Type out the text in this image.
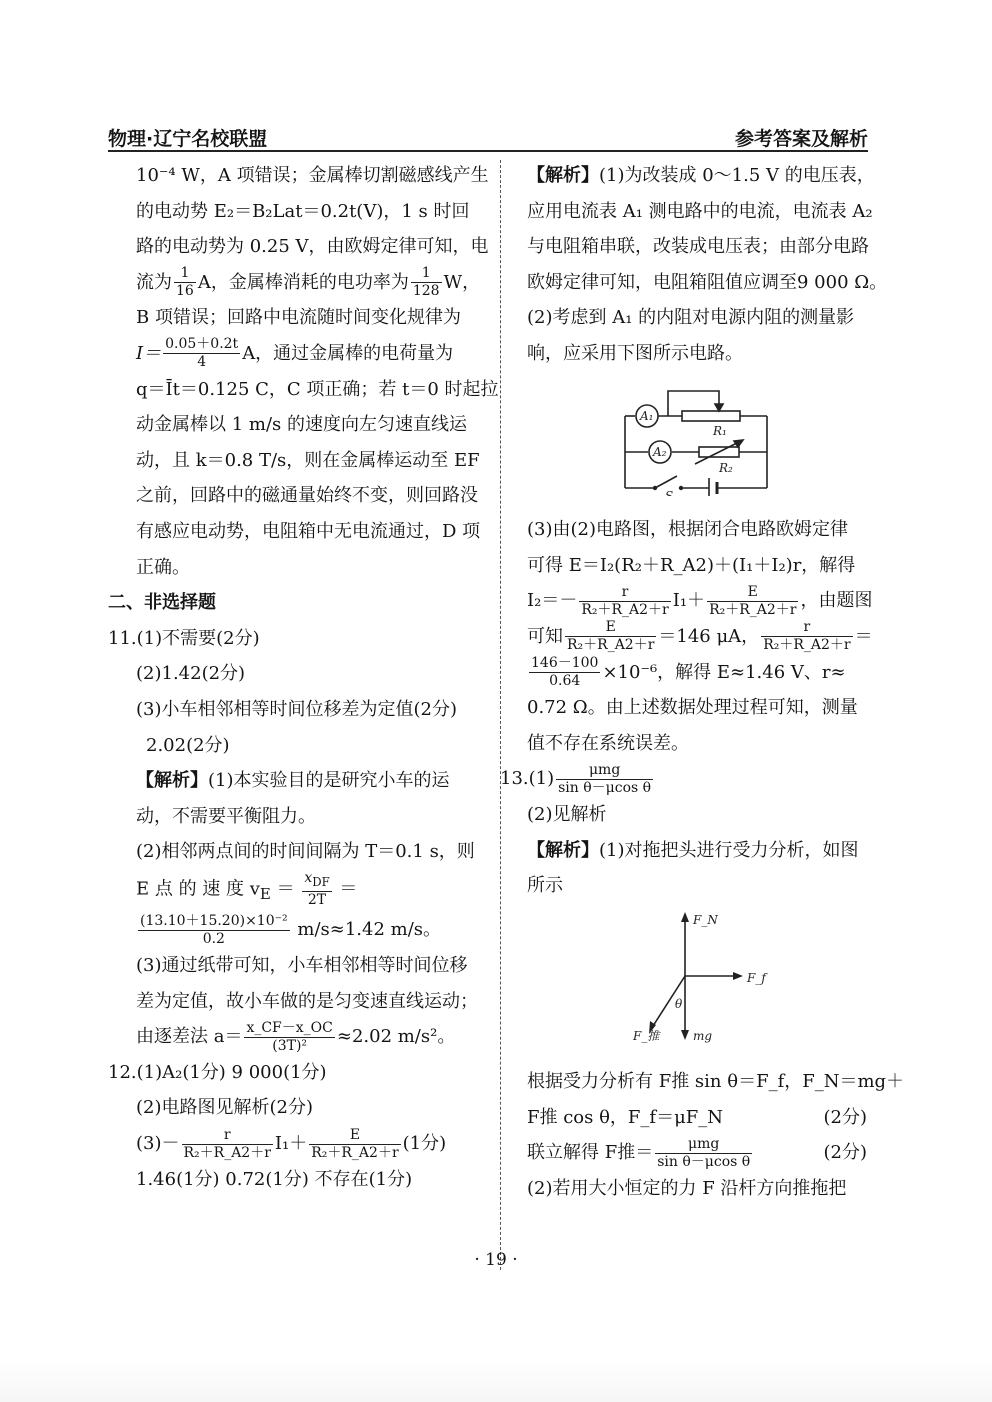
物理·辽宁名校联盟	参考答案及解析
10⁻⁴ W，A 项错误；金属棒切割磁感线产生
的电动势 E₂＝B₂Lat＝0.2t(V)，1 s 时回
路的电动势为 0.25 V，由欧姆定律可知，电
流为 $\frac{1}{16}$ A，金属棒消耗的电功率为 $\frac{1}{128}$ W，
B 项错误；回路中电流随时间变化规律为
$I= \frac{0.05+0.2t}{4}$ A，通过金属棒的电荷量为
q＝Īt＝0.125 C，C 项正确；若 t＝0 时起拉
动金属棒以 1 m/s 的速度向左匀速直线运
动，且 k＝0.8 T/s，则在金属棒运动至 EF
之前，回路中的磁通量始终不变，则回路没
有感应电动势，电阻箱中无电流通过，D 项
正确。
二、非选择题
11.(1)不需要(2分)
(2)1.42(2分)
(3)小车相邻相等时间位移差为定值(2分)
2.02(2分)
【解析】(1)本实验目的是研究小车的运
动，不需要平衡阻力。
(2)相邻两点间的时间间隔为 T＝0.1 s，则
E 点 的 速 度 $v_E$ ＝
$x_{DF}$
2T
＝
$\frac{\text{(13.10＋15.20)×10⁻²}}{0.2} m/s\approx 1.42$ m/s。
(3)通过纸带可知，小车相邻相等时间位移
差为定值，故小车做的是匀变速直线运动；
由逐差法 $a= \frac{x\_CF-x\_OC}{\text{(3T)²}} \approx 2.02$ m/s²。
12.(1)A₂(1分) 9 000(1分)
(2)电路图见解析(2分)
$(3)- \frac{r}{\text{R₂＋R\_A2＋r}} I_1+ \frac{E}{\text{R₂＋R\_A2＋r}} (1$分)
1.46(1分) 0.72(1分) 不存在(1分)
【解析】(1)为改装成 0～1.5 V 的电压表，
应用电流表 A₁ 测电路中的电流，电流表 A₂
与电阻箱串联，改装成电压表；由部分电路
欧姆定律可知，电阻箱阻值应调至9 000 Ω。
(2)考虑到 A₁ 的内阻对电源内阻的测量影
响，应采用下图所示电路。
A₁
A₂
R₁
R₂
S
(3)由(2)电路图，根据闭合电路欧姆定律
可得 E＝I₂(R₂＋R_A2)＋(I₁＋I₂)r，解得
$I_2=- \frac{r}{\text{R₂＋R\_A2＋r}} I_1+ \frac{E}{\text{R₂＋R\_A2＋r}}$ ，由题图
可知 $\frac{E}{\text{R₂＋R\_A2＋r}} =146$ μA， $\frac{r}{\text{R₂＋R\_A2＋r}}$ ＝
$\frac{146-100}{0.64} \times 10^{-6}$，解得 E≈1.46 V、r≈
0.72 Ω。由上述数据处理过程可知，测量
值不存在系统误差。
13.(1)	μmg
sin θ－μcos θ
(2)见解析
【解析】(1)对拖把头进行受力分析，如图
所示
F_N
F_f
F_推	mg
θ
根据受力分析有 F推 sin θ＝F_f，F_N＝mg＋
F推 cos θ，F_f＝μF_N	(2分)
联立解得 F推＝	μmg
sin θ－μcos θ	(2分)
(2)若用大小恒定的力 F 沿杆方向推拖把
· 19 ·
